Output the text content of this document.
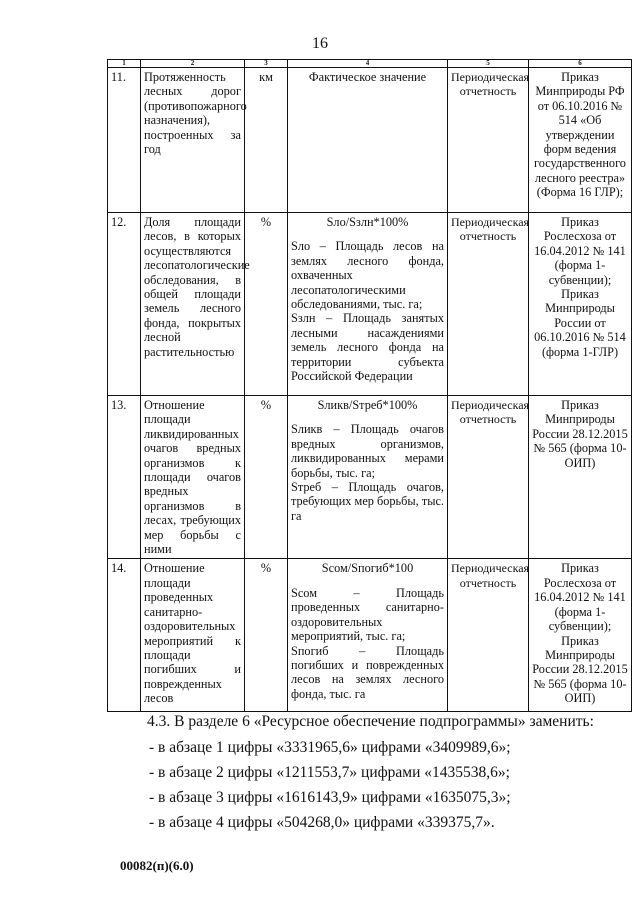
16
1	2	3	4	5	6
11.	Протяженность лесных дорог (противопожарного назначения), построенных за год	км	Фактическое значение	Периодическая отчетность	Приказ Минприроды РФ от 06.10.2016 № 514 «Об утверждении форм ведения государственного лесного реестра» (Форма 16 ГЛР);
12.	Доля площади лесов, в которых осуществляются лесопатологические обследования, в общей площади земель лесного фонда, покрытых лесной растительностью	%	Sло/Sзлн*100%
Sло – Площадь лесов на землях лесного фонда, охваченных лесопатологическими обследованиями, тыс. га;
Sзлн – Площадь занятых лесными насаждениями земель лесного фонда на территории субъекта Российской Федерации	Периодическая отчетность	Приказ Рослесхоза от 16.04.2012 № 141 (форма 1-субвенции); Приказ Минприроды России от 06.10.2016 № 514 (форма 1-ГЛР)
13.	Отношение площади ликвидированных очагов вредных организмов к площади очагов вредных организмов в лесах, требующих мер борьбы с ними	%	Sликв/Sтреб*100%
Sликв – Площадь очагов вредных организмов, ликвидированных мерами борьбы, тыс. га;
Sтреб – Площадь очагов, требующих мер борьбы, тыс. га	Периодическая отчетность	Приказ Минприроды России 28.12.2015 № 565 (форма 10-ОИП)
14.	Отношение площади проведенных санитарно-оздоровительных мероприятий к площади погибших и поврежденных лесов	%	Sсом/Sпогиб*100
Sсом – Площадь проведенных санитарно-оздоровительных мероприятий, тыс. га;
Sпогиб – Площадь погибших и поврежденных лесов на землях лесного фонда, тыс. га	Периодическая отчетность	Приказ Рослесхоза от 16.04.2012 № 141 (форма 1-субвенции); Приказ Минприроды России 28.12.2015 № 565 (форма 10-ОИП)
4.3. В разделе 6 «Ресурсное обеспечение подпрограммы» заменить:
- в абзаце 1 цифры «3331965,6» цифрами «3409989,6»;
- в абзаце 2 цифры «1211553,7» цифрами «1435538,6»;
- в абзаце 3 цифры «1616143,9» цифрами «1635075,3»;
- в абзаце 4 цифры «504268,0» цифрами «339375,7».
00082(п)(6.0)
